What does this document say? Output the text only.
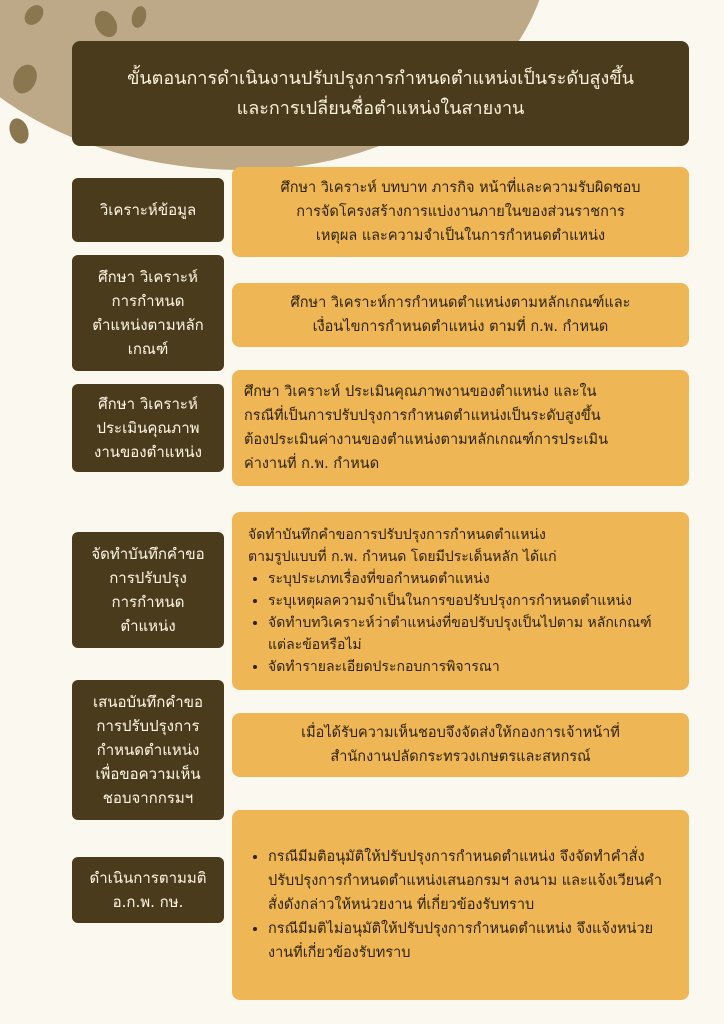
ขั้นตอนการดำเนินงานปรับปรุงการกำหนดตำแหน่งเป็นระดับสูงขึ้น
และการเปลี่ยนชื่อตำแหน่งในสายงาน
วิเคราะห์ข้อมูล
ศึกษา วิเคราะห์ บทบาท ภารกิจ หน้าที่และความรับผิดชอบ
การจัดโครงสร้างการแบ่งงานภายในของส่วนราชการ
เหตุผล และความจำเป็นในการกำหนดตำแหน่ง
ศึกษา วิเคราะห์
การกำหนด
ตำแหน่งตามหลัก
เกณฑ์
ศึกษา วิเคราะห์การกำหนดตำแหน่งตามหลักเกณฑ์และ
เงื่อนไขการกำหนดตำแหน่ง ตามที่ ก.พ. กำหนด
ศึกษา วิเคราะห์
ประเมินคุณภาพ
งานของตำแหน่ง
ศึกษา วิเคราะห์ ประเมินคุณภาพงานของตำแหน่ง และใน
กรณีที่เป็นการปรับปรุงการกำหนดตำแหน่งเป็นระดับสูงขึ้น
ต้องประเมินค่างานของตำแหน่งตามหลักเกณฑ์การประเมิน
ค่างานที่ ก.พ. กำหนด
จัดทำบันทึกคำขอ
การปรับปรุง
การกำหนด
ตำแหน่ง
จัดทำบันทึกคำขอการปรับปรุงการกำหนดตำแหน่ง
ตามรูปแบบที่ ก.พ. กำหนด โดยมีประเด็นหลัก ได้แก่
• ระบุประเภทเรื่องที่ขอกำหนดตำแหน่ง
• ระบุเหตุผลความจำเป็นในการขอปรับปรุงการกำหนดตำแหน่ง
• จัดทำบทวิเคราะห์ว่าตำแหน่งที่ขอปรับปรุงเป็นไปตาม หลักเกณฑ์แต่ละข้อหรือไม่
• จัดทำรายละเอียดประกอบการพิจารณา
เสนอบันทึกคำขอ
การปรับปรุงการ
กำหนดตำแหน่ง
เพื่อขอความเห็น
ชอบจากกรมฯ
เมื่อได้รับความเห็นชอบจึงจัดส่งให้กองการเจ้าหน้าที่
สำนักงานปลัดกระทรวงเกษตรและสหกรณ์
ดำเนินการตามมติ
อ.ก.พ. กษ.
• กรณีมีมติอนุมัติให้ปรับปรุงการกำหนดตำแหน่ง จึงจัดทำคำสั่งปรับปรุงการกำหนดตำแหน่งเสนอกรมฯ ลงนาม และแจ้งเวียนคำสั่งดังกล่าวให้หน่วยงาน ที่เกี่ยวข้องรับทราบ
• กรณีมีมติไม่อนุมัติให้ปรับปรุงการกำหนดตำแหน่ง จึงแจ้งหน่วยงานที่เกี่ยวข้องรับทราบ
